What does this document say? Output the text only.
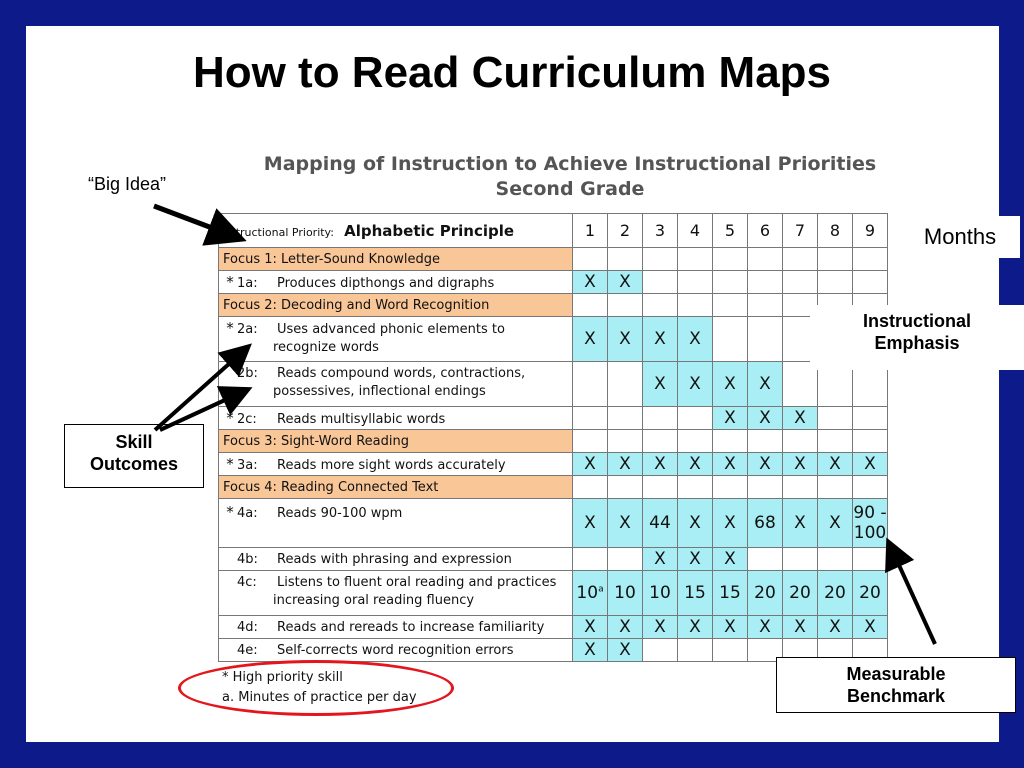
How to Read Curriculum Maps
Mapping of Instruction to Achieve Instructional Priorities
Second Grade
nstructional Priority: Alphabetic Principle	1	2	3	4	5	6	7	8	9
Focus 1: Letter-Sound Knowledge									
* 1a: Produces dipthongs and digraphs	X	X							
Focus 2: Decoding and Word Recognition									
* 2a: Uses advanced phonic elements to
recognize words	X	X	X	X					
2b: Reads compound words, contractions,
possessives, inflectional endings			X	X	X	X			
* 2c: Reads multisyllabic words					X	X	X		
Focus 3: Sight-Word Reading									
* 3a: Reads more sight words accurately	X	X	X	X	X	X	X	X	X
Focus 4: Reading Connected Text									
* 4a: Reads 90-100 wpm	X	X	44	X	X	68	X	X	90 -
100
4b: Reads with phrasing and expression			X	X	X				
4c: Listens to fluent oral reading and practices
increasing oral reading fluency	10$^a$	10	10	15	15	20	20	20	20
4d: Reads and rereads to increase familiarity	X	X	X	X	X	X	X	X	X
4e: Self-corrects word recognition errors	X	X							
* High priority skill
a. Minutes of practice per day
“Big Idea”
Months
Instructional
Emphasis
Skill
Outcomes
Measurable
Benchmark
